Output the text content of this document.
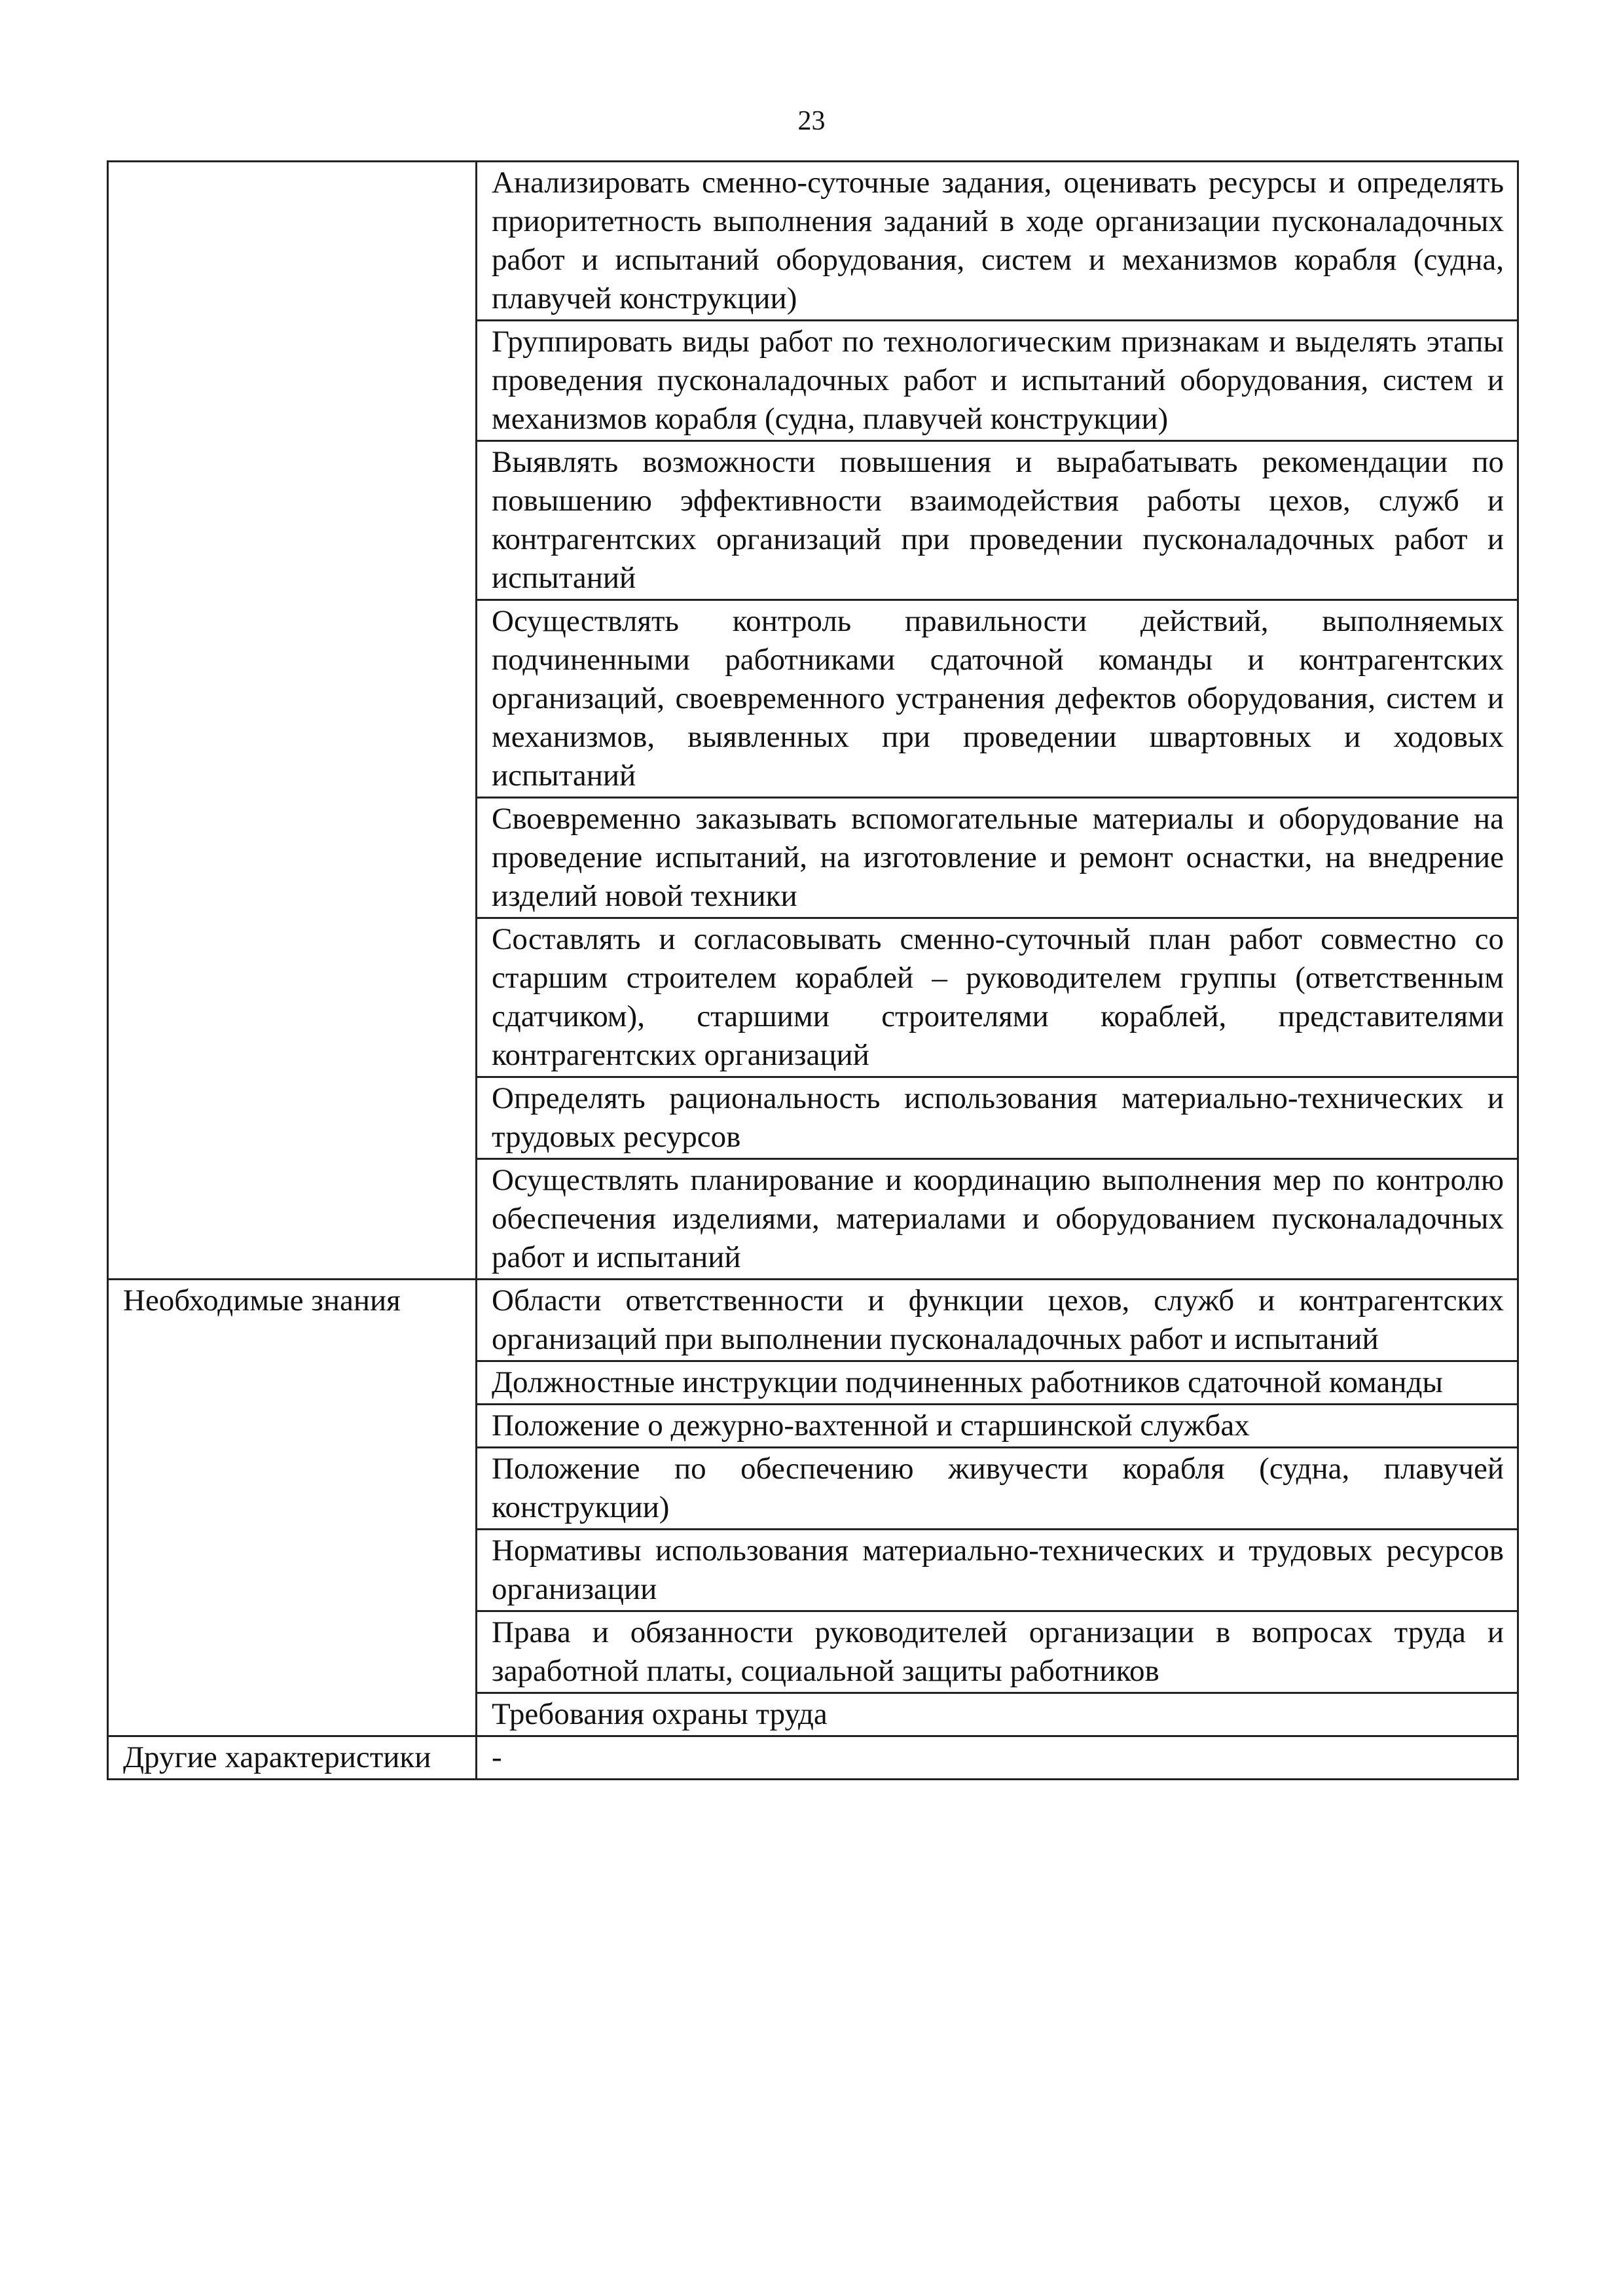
23
	Анализировать сменно-суточные задания, оценивать ресурсы и определять приоритетность выполнения заданий в ходе организации пусконаладочных работ и испытаний оборудования, систем и механизмов корабля (судна, плавучей конструкции)
	Группировать виды работ по технологическим признакам и выделять этапы проведения пусконаладочных работ и испытаний оборудования, систем и механизмов корабля (судна, плавучей конструкции)
	Выявлять возможности повышения и вырабатывать рекомендации по повышению эффективности взаимодействия работы цехов, служб и контрагентских организаций при проведении пусконаладочных работ и испытаний
	Осуществлять контроль правильности действий, выполняемых подчиненными работниками сдаточной команды и контрагентских организаций, своевременного устранения дефектов оборудования, систем и механизмов, выявленных при проведении швартовных и ходовых испытаний
	Своевременно заказывать вспомогательные материалы и оборудование на проведение испытаний, на изготовление и ремонт оснастки, на внедрение изделий новой техники
	Составлять и согласовывать сменно-суточный план работ совместно со старшим строителем кораблей – руководителем группы (ответственным сдатчиком), старшими строителями кораблей, представителями контрагентских организаций
	Определять рациональность использования материально-технических и трудовых ресурсов
	Осуществлять планирование и координацию выполнения мер по контролю обеспечения изделиями, материалами и оборудованием пусконаладочных работ и испытаний
Необходимые знания	Области ответственности и функции цехов, служб и контрагентских организаций при выполнении пусконаладочных работ и испытаний
	Должностные инструкции подчиненных работников сдаточной команды
	Положение о дежурно-вахтенной и старшинской службах
	Положение по обеспечению живучести корабля (судна, плавучей конструкции)
	Нормативы использования материально-технических и трудовых ресурсов организации
	Права и обязанности руководителей организации в вопросах труда и заработной платы, социальной защиты работников
	Требования охраны труда
Другие характеристики	-
